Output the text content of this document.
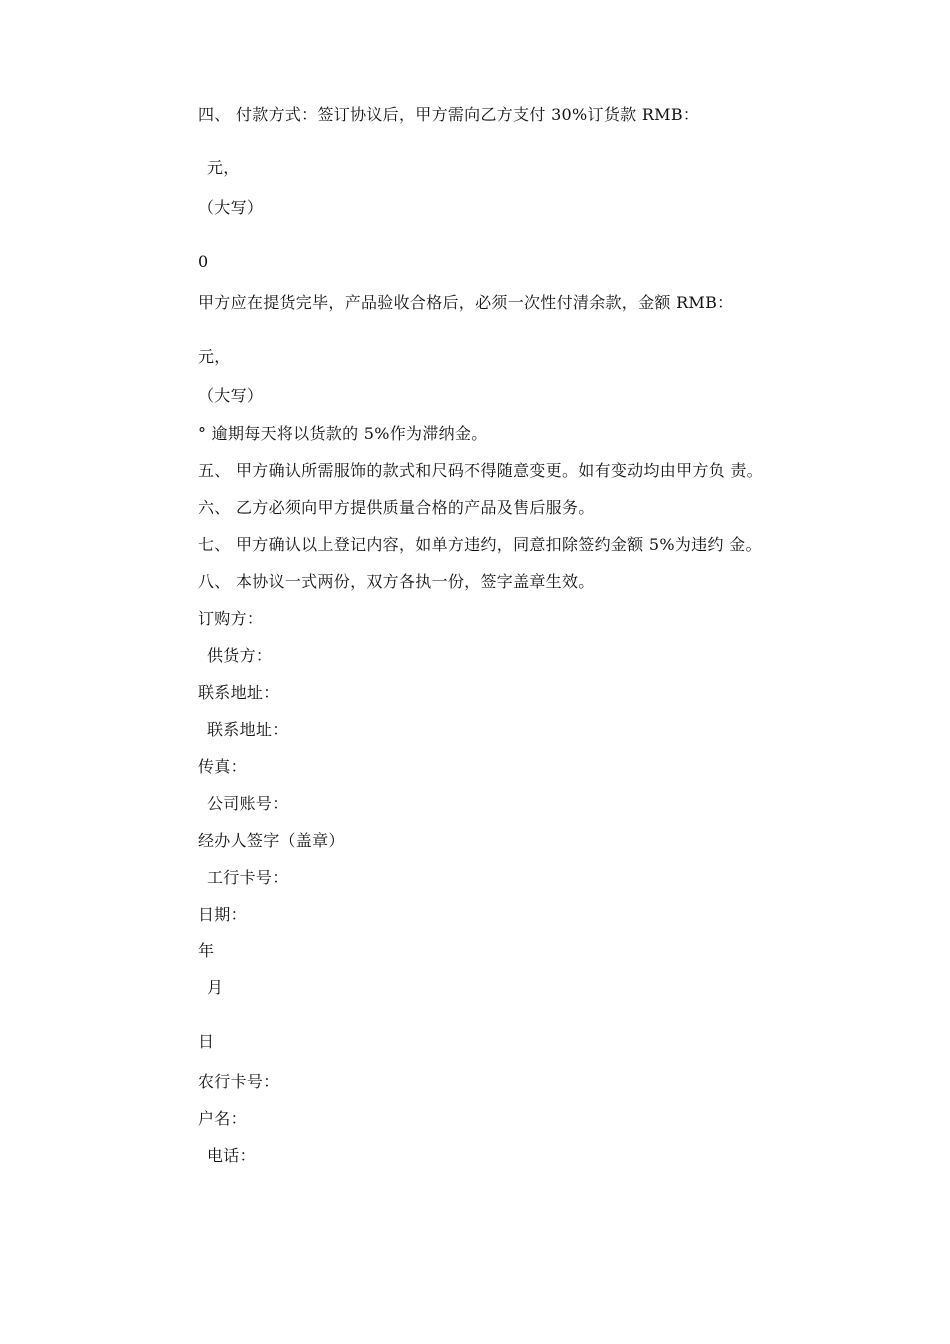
四、 付款方式：签订协议后，甲方需向乙方支付 30%订货款 RMB：
元，
（大写）
0
甲方应在提货完毕，产品验收合格后，必须一次性付清余款，金额 RMB：
元，
（大写）
° 逾期每天将以货款的 5%作为滞纳金。
五、 甲方确认所需服饰的款式和尺码不得随意变更。如有变动均由甲方负 责。
六、 乙方必须向甲方提供质量合格的产品及售后服务。
七、 甲方确认以上登记内容，如单方违约，同意扣除签约金额 5%为违约 金。
八、 本协议一式两份，双方各执一份，签字盖章生效。
订购方：
供货方：
联系地址：
联系地址：
传真：
公司账号：
经办人签字（盖章）
工行卡号：
日期：
年
月
日
农行卡号：
户名：
电话：
